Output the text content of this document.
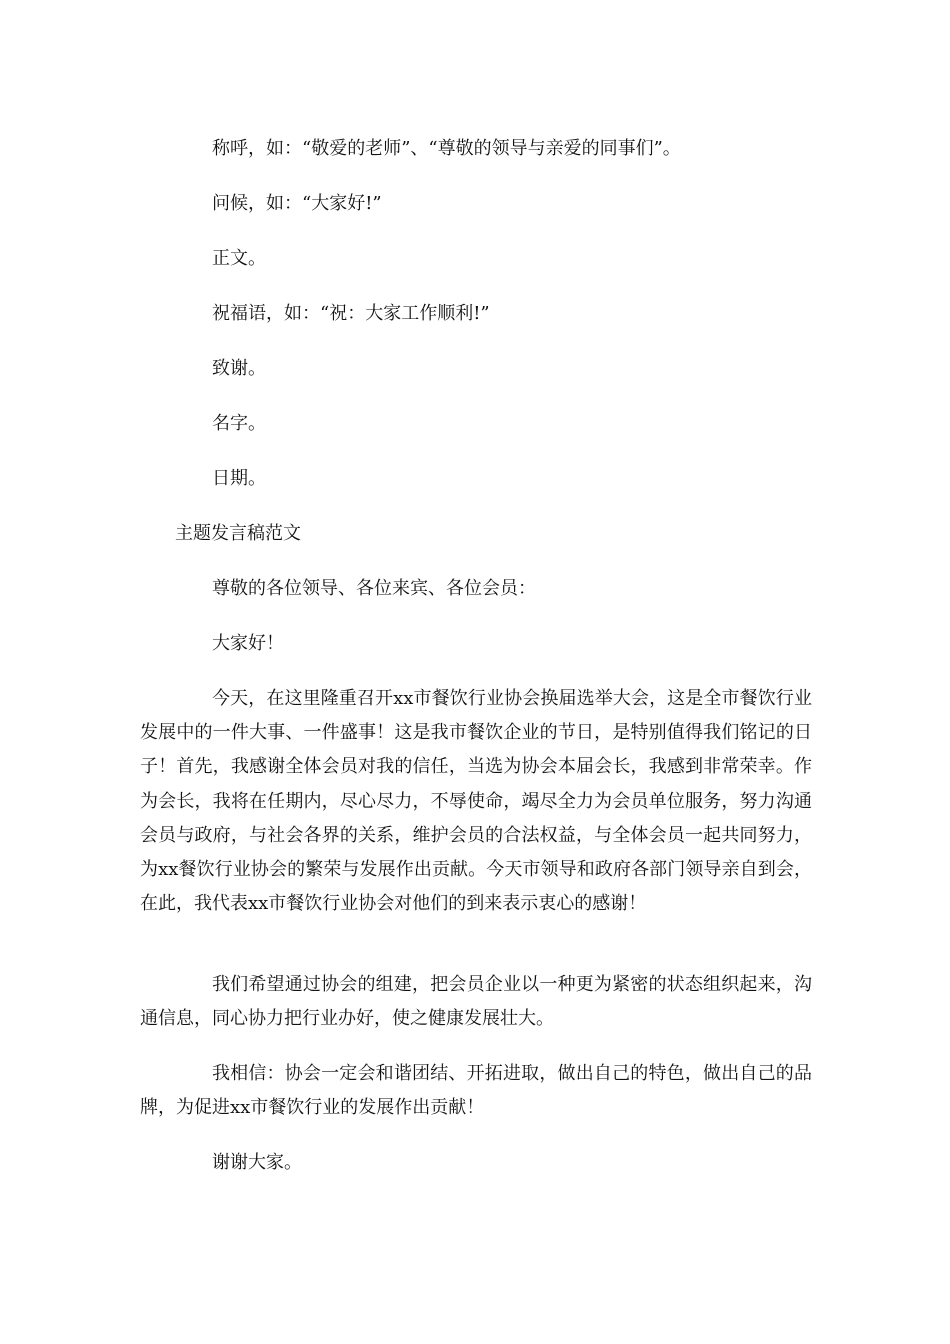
称呼，如：“敬爱的老师”、“尊敬的领导与亲爱的同事们”。
问候，如：“大家好!”
正文。
祝福语，如：“祝：大家工作顺利!”
致谢。
名字。
日期。
主题发言稿范文
尊敬的各位领导、各位来宾、各位会员：
大家好！

今天，在这里隆重召开xx市餐饮行业协会换届选举大会，这是全市餐饮行业发展中的一件大事、一件盛事！这是我市餐饮企业的节日，是特别值得我们铭记的日子！首先，我感谢全体会员对我的信任，当选为协会本届会长，我感到非常荣幸。作为会长，我将在任期内，尽心尽力，不辱使命，竭尽全力为会员单位服务，努力沟通会员与政府，与社会各界的关系，维护会员的合法权益，与全体会员一起共同努力，为xx餐饮行业协会的繁荣与发展作出贡献。今天市领导和政府各部门领导亲自到会，在此，我代表xx市餐饮行业协会对他们的到来表示衷心的感谢！

我们希望通过协会的组建，把会员企业以一种更为紧密的状态组织起来，沟通信息，同心协力把行业办好，使之健康发展壮大。

我相信：协会一定会和谐团结、开拓进取，做出自己的特色，做出自己的品牌，为促进xx市餐饮行业的发展作出贡献！

谢谢大家。
